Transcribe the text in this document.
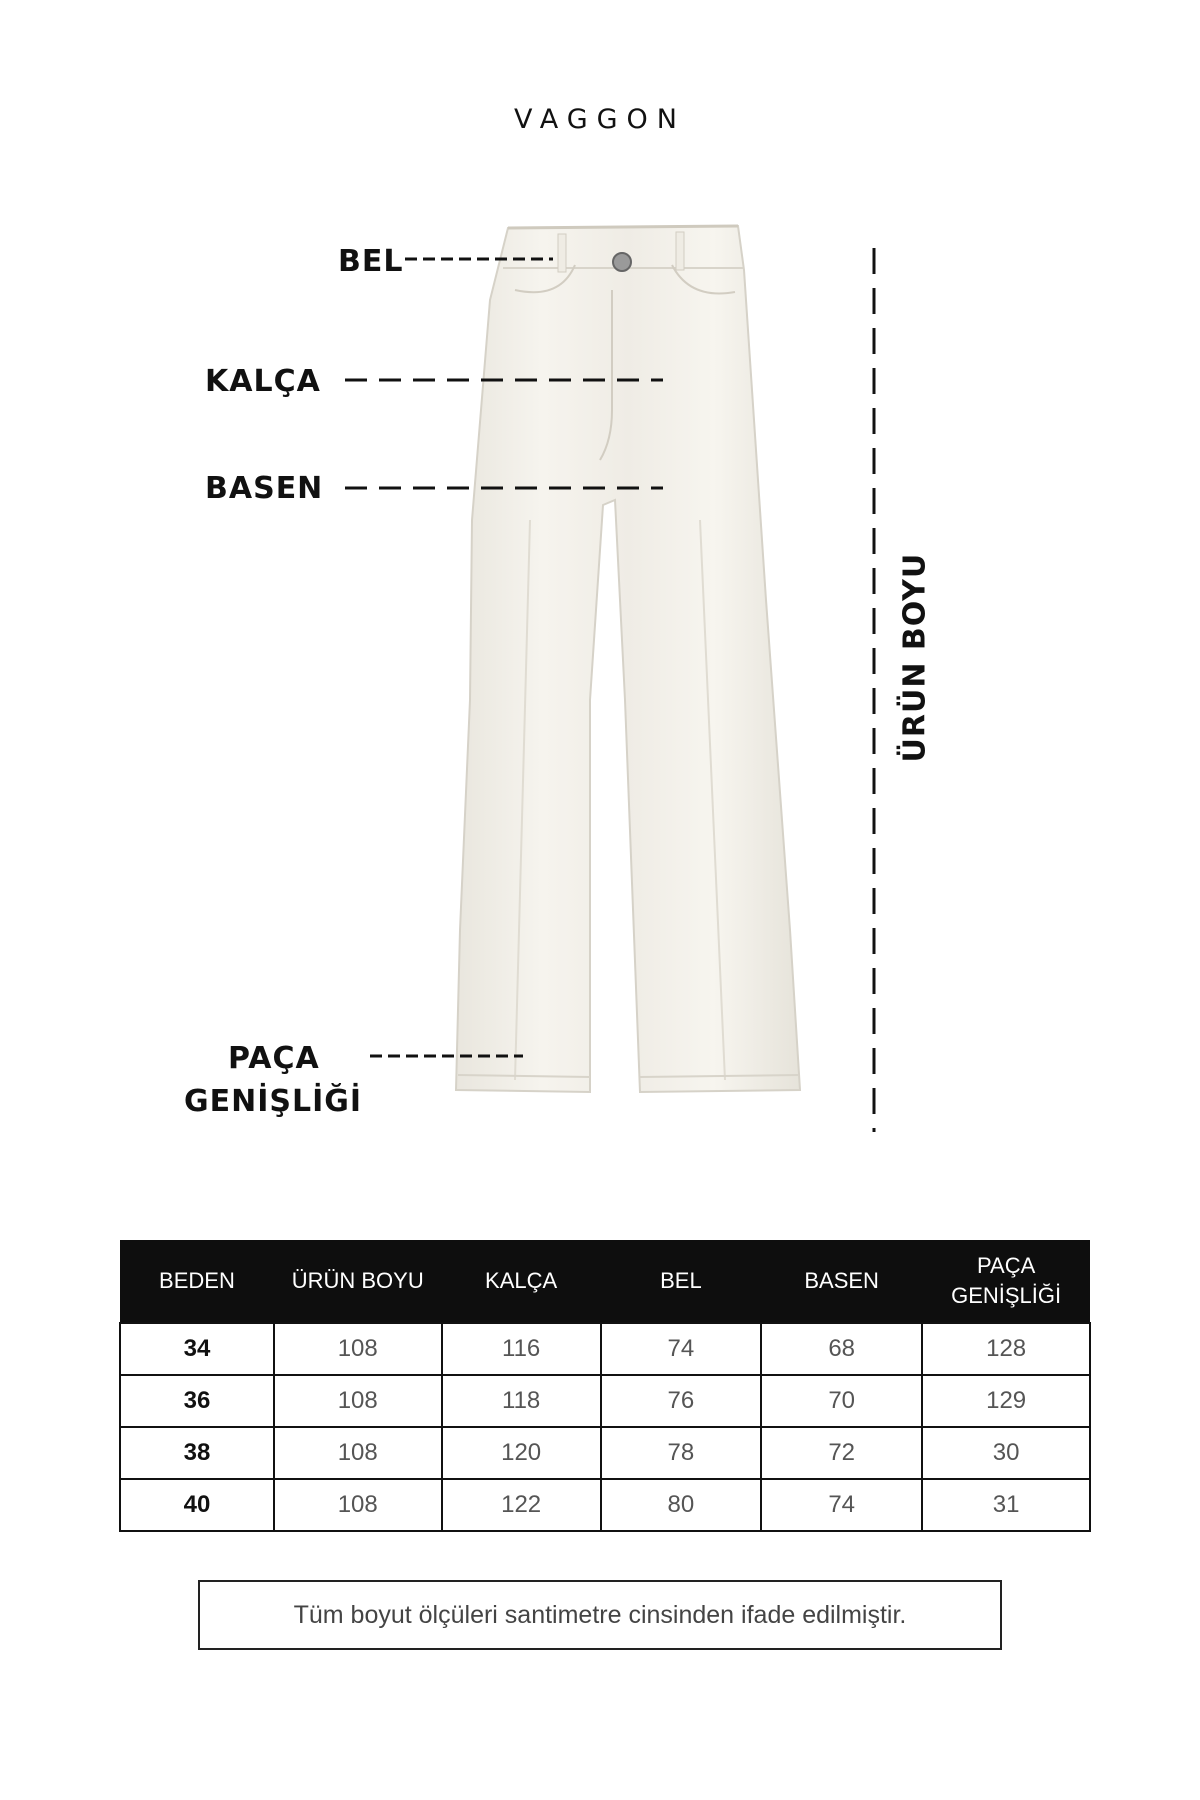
VAGGON
BEL
KALÇA
BASEN
PAÇA
GENİŞLİĞİ
ÜRÜN BOYU
BEDEN	ÜRÜN BOYU	KALÇA	BEL	BASEN	PAÇA
GENİŞLİĞİ
34	108	116	74	68	128
36	108	118	76	70	129
38	108	120	78	72	30
40	108	122	80	74	31
Tüm boyut ölçüleri santimetre cinsinden ifade edilmiştir.
